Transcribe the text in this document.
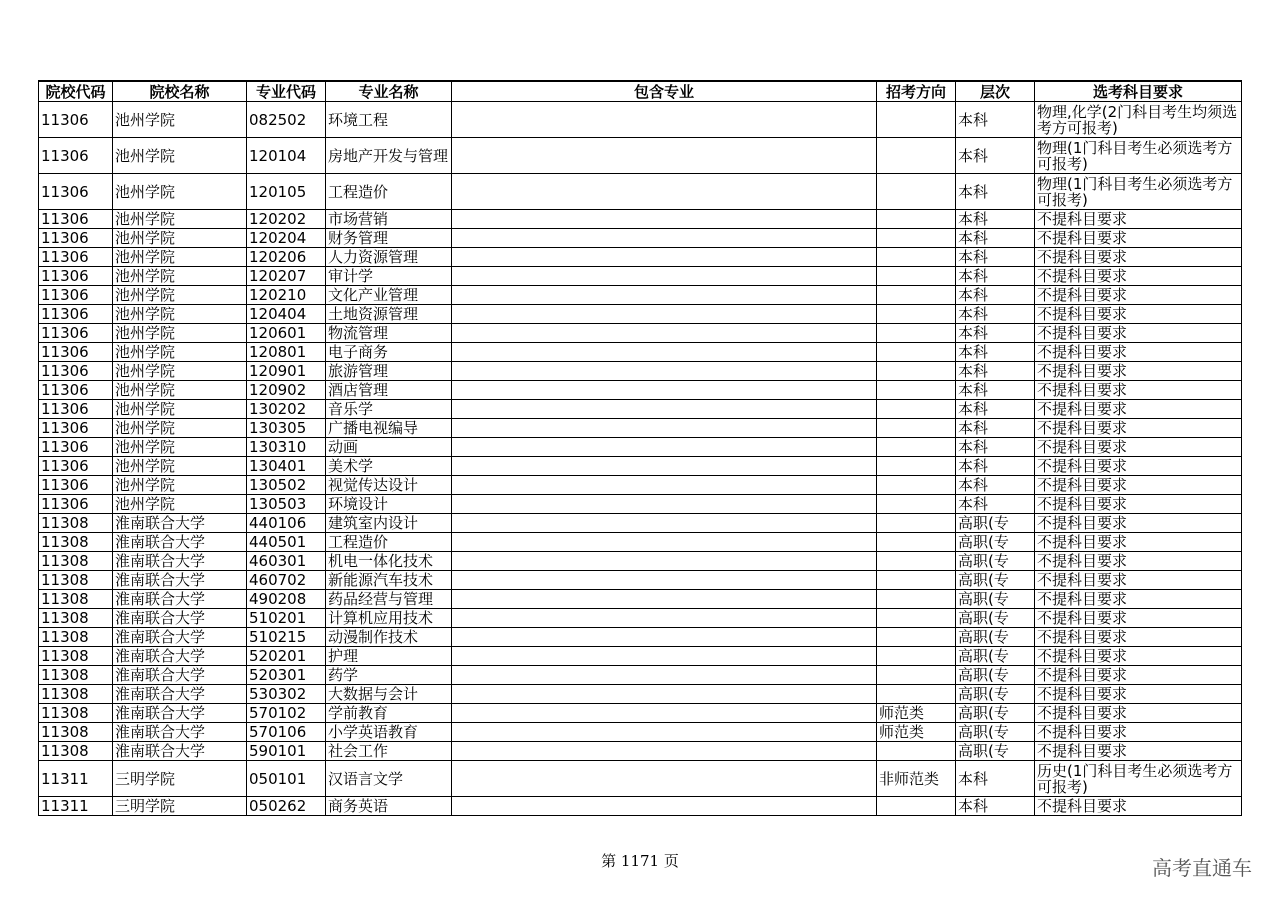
院校代码	院校名称	专业代码	专业名称	包含专业	招考方向	层次	选考科目要求
11306	池州学院	082502	环境工程			本科	物理,化学(2门科目考生均须选考方可报考)
11306	池州学院	120104	房地产开发与管理			本科	物理(1门科目考生必须选考方可报考)
11306	池州学院	120105	工程造价			本科	物理(1门科目考生必须选考方可报考)
11306	池州学院	120202	市场营销			本科	不提科目要求
11306	池州学院	120204	财务管理			本科	不提科目要求
11306	池州学院	120206	人力资源管理			本科	不提科目要求
11306	池州学院	120207	审计学			本科	不提科目要求
11306	池州学院	120210	文化产业管理			本科	不提科目要求
11306	池州学院	120404	土地资源管理			本科	不提科目要求
11306	池州学院	120601	物流管理			本科	不提科目要求
11306	池州学院	120801	电子商务			本科	不提科目要求
11306	池州学院	120901	旅游管理			本科	不提科目要求
11306	池州学院	120902	酒店管理			本科	不提科目要求
11306	池州学院	130202	音乐学			本科	不提科目要求
11306	池州学院	130305	广播电视编导			本科	不提科目要求
11306	池州学院	130310	动画			本科	不提科目要求
11306	池州学院	130401	美术学			本科	不提科目要求
11306	池州学院	130502	视觉传达设计			本科	不提科目要求
11306	池州学院	130503	环境设计			本科	不提科目要求
11308	淮南联合大学	440106	建筑室内设计			高职(专	不提科目要求
11308	淮南联合大学	440501	工程造价			高职(专	不提科目要求
11308	淮南联合大学	460301	机电一体化技术			高职(专	不提科目要求
11308	淮南联合大学	460702	新能源汽车技术			高职(专	不提科目要求
11308	淮南联合大学	490208	药品经营与管理			高职(专	不提科目要求
11308	淮南联合大学	510201	计算机应用技术			高职(专	不提科目要求
11308	淮南联合大学	510215	动漫制作技术			高职(专	不提科目要求
11308	淮南联合大学	520201	护理			高职(专	不提科目要求
11308	淮南联合大学	520301	药学			高职(专	不提科目要求
11308	淮南联合大学	530302	大数据与会计			高职(专	不提科目要求
11308	淮南联合大学	570102	学前教育		师范类	高职(专	不提科目要求
11308	淮南联合大学	570106	小学英语教育		师范类	高职(专	不提科目要求
11308	淮南联合大学	590101	社会工作			高职(专	不提科目要求
11311	三明学院	050101	汉语言文学		非师范类	本科	历史(1门科目考生必须选考方可报考)
11311	三明学院	050262	商务英语			本科	不提科目要求
第 1171 页	高考直通车
